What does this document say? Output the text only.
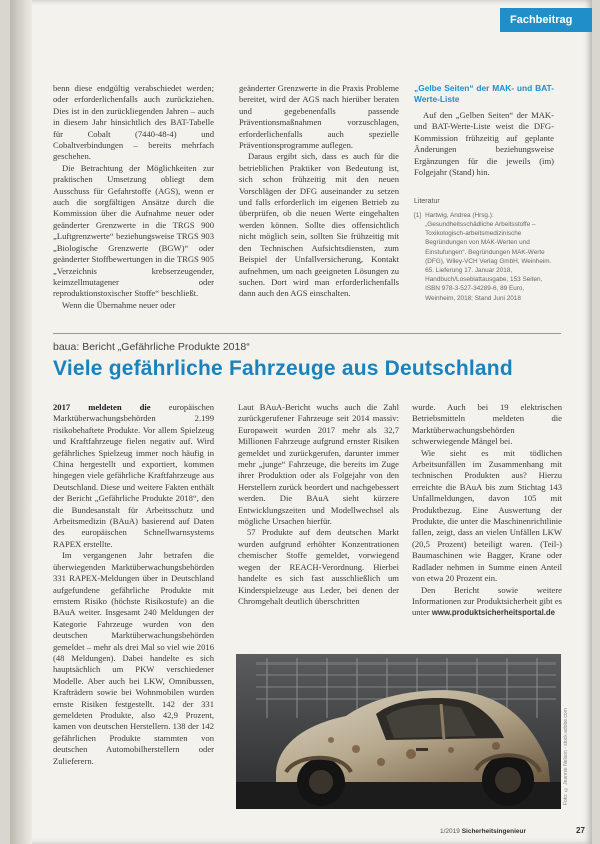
Fachbeitrag

benn diese endgültig verabschiedet werden; oder erforderlichenfalls auch zurückziehen. Dies ist in den zurückliegenden Jahren – auch in diesem Jahr hinsichtlich des BAT-Tabelle für Cobalt (7440-48-4) und Cobaltverbindungen – bereits mehrfach geschehen.

Die Betrachtung der Möglichkeiten zur praktischen Umsetzung obliegt dem Ausschuss für Gefahrstoffe (AGS), wenn er auch die sorgfältigen Ansätze durch die Kommission über die Aufnahme neuer oder geänderter Grenzwerte in die TRGS 900 „Luftgrenzwerte“ beziehungsweise TRGS 903 „Biologische Grenzwerte (BGW)“ oder geänderter Stoffbewertungen in die TRGS 905 „Verzeichnis krebserzeugender, keimzellmutagener oder reproduktionstoxischer Stoffe“ beschließt.

Wenn die Übernahme neuer oder

geänderter Grenzwerte in die Praxis Probleme bereitet, wird der AGS nach hierüber beraten und gegebenenfalls passende Präventionsmaßnahmen vorzuschlagen, erforderlichenfalls auch spezielle Präventionsprogramme auflegen.

Daraus ergibt sich, dass es auch für die betrieblichen Praktiker von Bedeutung ist, sich schon frühzeitig mit den neuen Vorschlägen der DFG auseinander zu setzen und falls erforderlich im eigenen Betrieb zu überprüfen, ob die neuen Werte eingehalten werden können. Sollte dies offensichtlich nicht möglich sein, sollten Sie frühzeitig mit den Technischen Aufsichtsdiensten, zum Beispiel der Unfallversicherung, Kontakt aufnehmen, um nach geeigneten Lösungen zu suchen. Dort wird man erforderlichenfalls dann auch den AGS einschalten.

„Gelbe Seiten“ der MAK- und BAT-Werte-Liste

Auf den „Gelben Seiten“ der MAK- und BAT-Werte-Liste weist die DFG-Kommission frühzeitig auf geplante Änderungen beziehungsweise Ergänzungen für die jeweils (im) Folgejahr (Stand) hin.

Literatur
[1] Hartwig, Andrea (Hrsg.): „Gesundheitsschädliche Arbeitsstoffe – Toxikologisch-arbeitsmedizinische Begründungen von MAK-Werten und Einstufungen“. Begründungen MAK-Werte (DFG), Wiley-VCH Verlag GmbH, Weinheim. 65. Lieferung 17. Januar 2018, Handbuch/Loseblattausgabe, 153 Seiten, ISBN 978-3-527-34289-6, 89 Euro, Weinheim, 2018; Stand Juni 2018
baua: Bericht „Gefährliche Produkte 2018“
Viele gefährliche Fahrzeuge aus Deutschland

2017 meldeten die europäischen Marktüberwachungsbehörden 2.199 risikobehaftete Produkte. Vor allem Spielzeug und Kraftfahrzeuge fielen negativ auf. Wird gefährliches Spielzeug immer noch häufig in China hergestellt und exportiert, kommen hingegen viele gefährliche Kraftfahrzeuge aus Deutschland. Diese und weitere Fakten enthält der Bericht „Gefährliche Produkte 2018“, den die Bundesanstalt für Arbeitsschutz und Arbeitsmedizin (BAuA) basierend auf Daten des europäischen Schnellwarnsystems RAPEX erstellte.

Im vergangenen Jahr betrafen die überwiegenden Marktüberwachungsbehörden 331 RAPEX-Meldungen über in Deutschland aufgefundene gefährliche Produkte mit ernstem Risiko (höchste Risikostufe) an die BAuA weiter. Insgesamt 240 Meldungen der Kategorie Fahrzeuge wurden von den deutschen Marktüberwachungsbehörden gemeldet – mehr als drei Mal so viel wie 2016 (48 Meldungen). Dabei handelte es sich hauptsächlich um PKW verschiedener Modelle. Aber auch bei LKW, Omnibussen, Krafträdern sowie bei Wohnmobilen wurden ernste Risiken festgestellt. 142 der 331 gemeldeten Produkte, also 42,9 Prozent, kamen von deutschen Herstellern. 138 der 142 gefährlichen Produkte stammten von deutschen Automobilherstellern oder Zulieferern.

Laut BAuA-Bericht wuchs auch die Zahl zurückgerufener Fahrzeuge seit 2014 massiv: Europaweit wurden 2017 mehr als 32,7 Millionen Fahrzeuge aufgrund ernster Risiken gemeldet und zurückgerufen, darunter immer mehr „junge“ Fahrzeuge, die bereits im Zuge ihrer Produktion oder als Folgejahr von den Herstellern zurück beordert und nachgebessert werden. Die BAuA sieht kürzere Entwicklungszeiten und Modellwechsel als mögliche Ursachen hierfür.

57 Produkte auf dem deutschen Markt wurden aufgrund erhöhter Konzentrationen chemischer Stoffe gemeldet, vorwiegend wegen der REACH-Verordnung. Hierbei handelte es sich fast ausschließlich um Kinderspielzeuge aus Leder, bei denen der Chromgehalt deutlich überschritten

wurde. Auch bei 19 elektrischen Betriebsmitteln meldeten die Marktüberwachungsbehörden schwerwiegende Mängel bei.

Wie sieht es mit tödlichen Arbeitsunfällen im Zusammenhang mit technischen Produkten aus? Hierzu erreichte die BAuA bis zum Stichtag 143 Unfallmeldungen, davon 105 mit Produktbezug. Eine Auswertung der Produkte, die unter die Maschinenrichtlinie fallen, zeigt, dass an vielen Unfällen LKW (20,5 Prozent) beteiligt waren. (Teil-) Baumaschinen wie Bagger, Krane oder Radlader nehmen in Summe einen Anteil von etwa 20 Prozent ein.

Den Bericht sowie weitere Informationen zur Produktsicherheit gibt es unter www.produktsicherheitsportal.de

Foto: © Jeannie Nelson - stock.adobe.com
1/2019 Sicherheitsingenieur	27
